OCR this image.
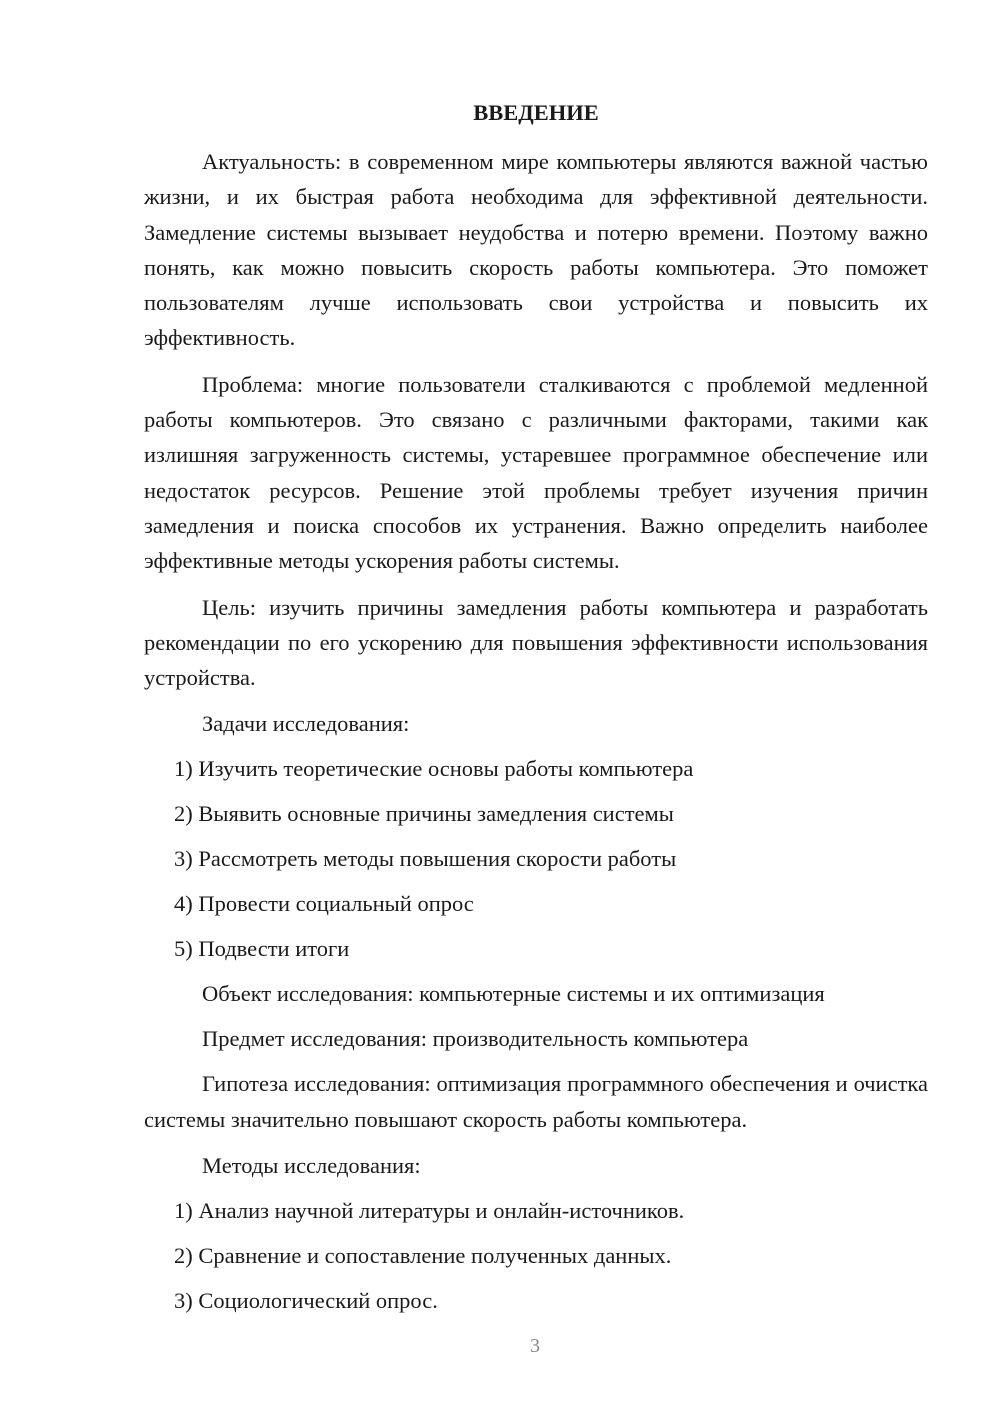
ВВЕДЕНИЕ

Актуальность: в современном мире компьютеры являются важной частью жизни, и их быстрая работа необходима для эффективной деятельности. Замедление системы вызывает неудобства и потерю времени. Поэтому важно понять, как можно повысить скорость работы компьютера. Это поможет пользователям лучше использовать свои устройства и повысить их эффективность.

Проблема: многие пользователи сталкиваются с проблемой медленной работы компьютеров. Это связано с различными факторами, такими как излишняя загруженность системы, устаревшее программное обеспечение или недостаток ресурсов. Решение этой проблемы требует изучения причин замедления и поиска способов их устранения. Важно определить наиболее эффективные методы ускорения работы системы.

Цель: изучить причины замедления работы компьютера и разработать рекомендации по его ускорению для повышения эффективности использования устройства.

Задачи исследования:
1) Изучить теоретические основы работы компьютера
2) Выявить основные причины замедления системы
3) Рассмотреть методы повышения скорости работы
4) Провести социальный опрос
5) Подвести итоги
Объект исследования: компьютерные системы и их оптимизация
Предмет исследования: производительность компьютера

Гипотеза исследования: оптимизация программного обеспечения и очистка системы значительно повышают скорость работы компьютера.

Методы исследования:
1) Анализ научной литературы и онлайн-источников.
2) Сравнение и сопоставление полученных данных.
3) Социологический опрос.
3
